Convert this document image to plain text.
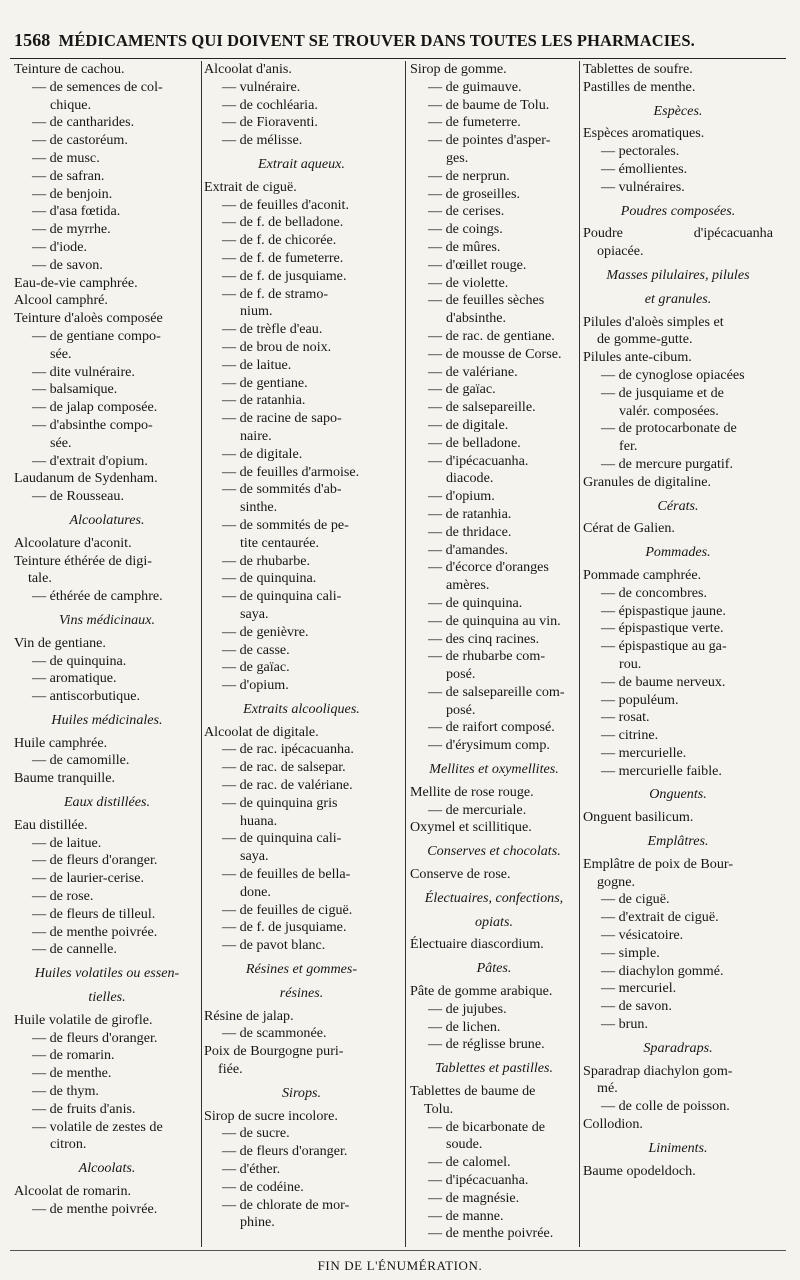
1568 MÉDICAMENTS QUI DOIVENT SE TROUVER DANS TOUTES LES PHARMACIES.
Teinture de cachou.
— de semences de col-
chique.
— de cantharides.
— de castoréum.
— de musc.
— de safran.
— de benjoin.
— d'asa fœtida.
— de myrrhe.
— d'iode.
— de savon.
Eau-de-vie camphrée.
Alcool camphré.
Teinture d'aloès composée
— de gentiane compo-
sée.
— dite vulnéraire.
— balsamique.
— de jalap composée.
— d'absinthe compo-
sée.
— d'extrait d'opium.
Laudanum de Sydenham.
— de Rousseau.
Alcoolatures.
Alcoolature d'aconit.
Teinture éthérée de digi-
tale.
— éthérée de camphre.
Vins médicinaux.
Vin de gentiane.
— de quinquina.
— aromatique.
— antiscorbutique.
Huiles médicinales.
Huile camphrée.
— de camomille.
Baume tranquille.
Eaux distillées.
Eau distillée.
— de laitue.
— de fleurs d'oranger.
— de laurier-cerise.
— de rose.
— de fleurs de tilleul.
— de menthe poivrée.
— de cannelle.
Huiles volatiles ou essen-
tielles.
Huile volatile de girofle.
— de fleurs d'oranger.
— de romarin.
— de menthe.
— de thym.
— de fruits d'anis.
— volatile de zestes de
citron.
Alcoolats.
Alcoolat de romarin.
— de menthe poivrée.
Alcoolat d'anis.
— vulnéraire.
— de cochléaria.
— de Fioraventi.
— de mélisse.
Extrait aqueux.
Extrait de ciguë.
— de feuilles d'aconit.
— de f. de belladone.
— de f. de chicorée.
— de f. de fumeterre.
— de f. de jusquiame.
— de f. de stramo-
nium.
— de trèfle d'eau.
— de brou de noix.
— de laitue.
— de gentiane.
— de ratanhia.
— de racine de sapo-
naire.
— de digitale.
— de feuilles d'armoise.
— de sommités d'ab-
sinthe.
— de sommités de pe-
tite centaurée.
— de rhubarbe.
— de quinquina.
— de quinquina cali-
saya.
— de genièvre.
— de casse.
— de gaïac.
— d'opium.
Extraits alcooliques.
Alcoolat de digitale.
— de rac. ipécacuanha.
— de rac. de salsepar.
— de rac. de valériane.
— de quinquina gris
huana.
— de quinquina cali-
saya.
— de feuilles de bella-
done.
— de feuilles de ciguë.
— de f. de jusquiame.
— de pavot blanc.
Résines et gommes-
résines.
Résine de jalap.
— de scammonée.
Poix de Bourgogne puri-
fiée.
Sirops.
Sirop de sucre incolore.
— de sucre.
— de fleurs d'oranger.
— d'éther.
— de codéine.
— de chlorate de mor-
phine.
Sirop de gomme.
— de guimauve.
— de baume de Tolu.
— de fumeterre.
— de pointes d'asper-
ges.
— de nerprun.
— de groseilles.
— de cerises.
— de coings.
— de mûres.
— d'œillet rouge.
— de violette.
— de feuilles sèches
d'absinthe.
— de rac. de gentiane.
— de mousse de Corse.
— de valériane.
— de gaïac.
— de salsepareille.
— de digitale.
— de belladone.
— d'ipécacuanha.
diacode.
— d'opium.
— de ratanhia.
— de thridace.
— d'amandes.
— d'écorce d'oranges
amères.
— de quinquina.
— de quinquina au vin.
— des cinq racines.
— de rhubarbe com-
posé.
— de salsepareille com-
posé.
— de raifort composé.
— d'érysimum comp.
Mellites et oxymellites.
Mellite de rose rouge.
— de mercuriale.
Oxymel et scillitique.
Conserves et chocolats.
Conserve de rose.
Électuaires, confections,
opiats.
Électuaire diascordium.
Pâtes.
Pâte de gomme arabique.
— de jujubes.
— de lichen.
— de réglisse brune.
Tablettes et pastilles.
Tablettes de baume de
Tolu.
— de bicarbonate de
soude.
— de calomel.
— d'ipécacuanha.
— de magnésie.
— de manne.
— de menthe poivrée.
Tablettes de soufre.
Pastilles de menthe.
Espèces.
Espèces aromatiques.
— pectorales.
— émollientes.
— vulnéraires.
Poudres composées.
Poudre d'ipécacuanha
opiacée.
Masses pilulaires, pilules
et granules.
Pilules d'aloès simples et
de gomme-gutte.
Pilules ante-cibum.
— de cynoglose opiacées
— de jusquiame et de
valér. composées.
— de protocarbonate de
fer.
— de mercure purgatif.
Granules de digitaline.
Cérats.
Cérat de Galien.
Pommades.
Pommade camphrée.
— de concombres.
— épispastique jaune.
— épispastique verte.
— épispastique au ga-
rou.
— de baume nerveux.
— populéum.
— rosat.
— citrine.
— mercurielle.
— mercurielle faible.
Onguents.
Onguent basilicum.
Emplâtres.
Emplâtre de poix de Bour-
gogne.
— de ciguë.
— d'extrait de ciguë.
— vésicatoire.
— simple.
— diachylon gommé.
— mercuriel.
— de savon.
— brun.
Sparadraps.
Sparadrap diachylon gom-
mé.
— de colle de poisson.
Collodion.
Liniments.
Baume opodeldoch.
FIN DE L'ÉNUMÉRATION.
